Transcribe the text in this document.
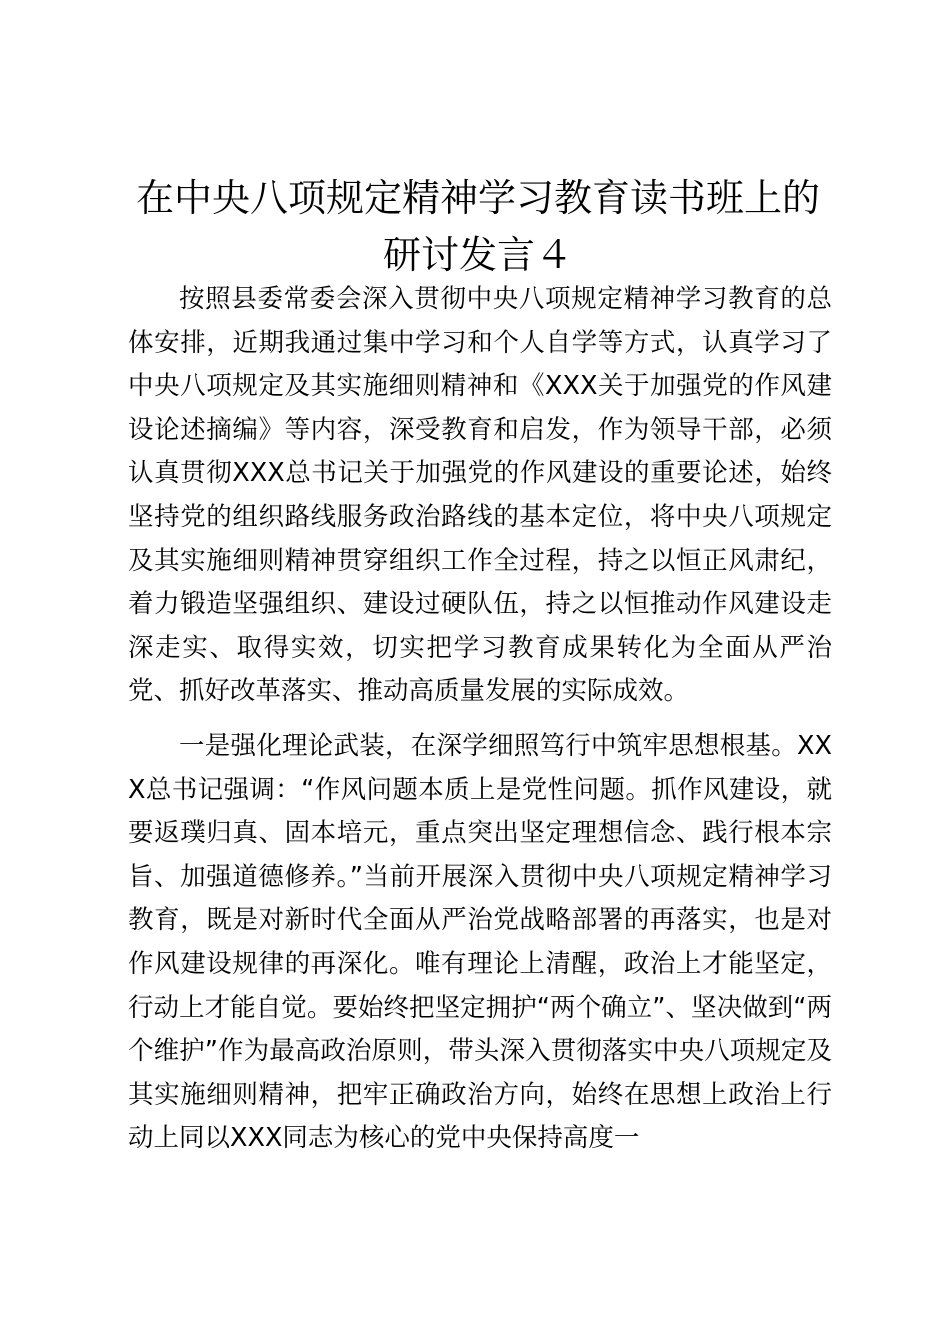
在中央八项规定精神学习教育读书班上的研讨发言４

按照县委常委会深入贯彻中央八项规定精神学习教育的总体安排，近期我通过集中学习和个人自学等方式，认真学习了中央八项规定及其实施细则精神和《XXX关于加强党的作风建设论述摘编》等内容，深受教育和启发，作为领导干部，必须认真贯彻XXX总书记关于加强党的作风建设的重要论述，始终坚持党的组织路线服务政治路线的基本定位，将中央八项规定及其实施细则精神贯穿组织工作全过程，持之以恒正风肃纪，着力锻造坚强组织、建设过硬队伍，持之以恒推动作风建设走深走实、取得实效，切实把学习教育成果转化为全面从严治党、抓好改革落实、推动高质量发展的实际成效。

一是强化理论武装，在深学细照笃行中筑牢思想根基。XXX总书记强调：“作风问题本质上是党性问题。抓作风建设，就要返璞归真、固本培元，重点突出坚定理想信念、践行根本宗旨、加强道德修养。”当前开展深入贯彻中央八项规定精神学习教育，既是对新时代全面从严治党战略部署的再落实，也是对作风建设规律的再深化。唯有理论上清醒，政治上才能坚定，行动上才能自觉。要始终把坚定拥护“两个确立”、坚决做到“两个维护”作为最高政治原则，带头深入贯彻落实中央八项规定及其实施细则精神，把牢正确政治方向，始终在思想上政治上行动上同以XXX同志为核心的党中央保持高度一
